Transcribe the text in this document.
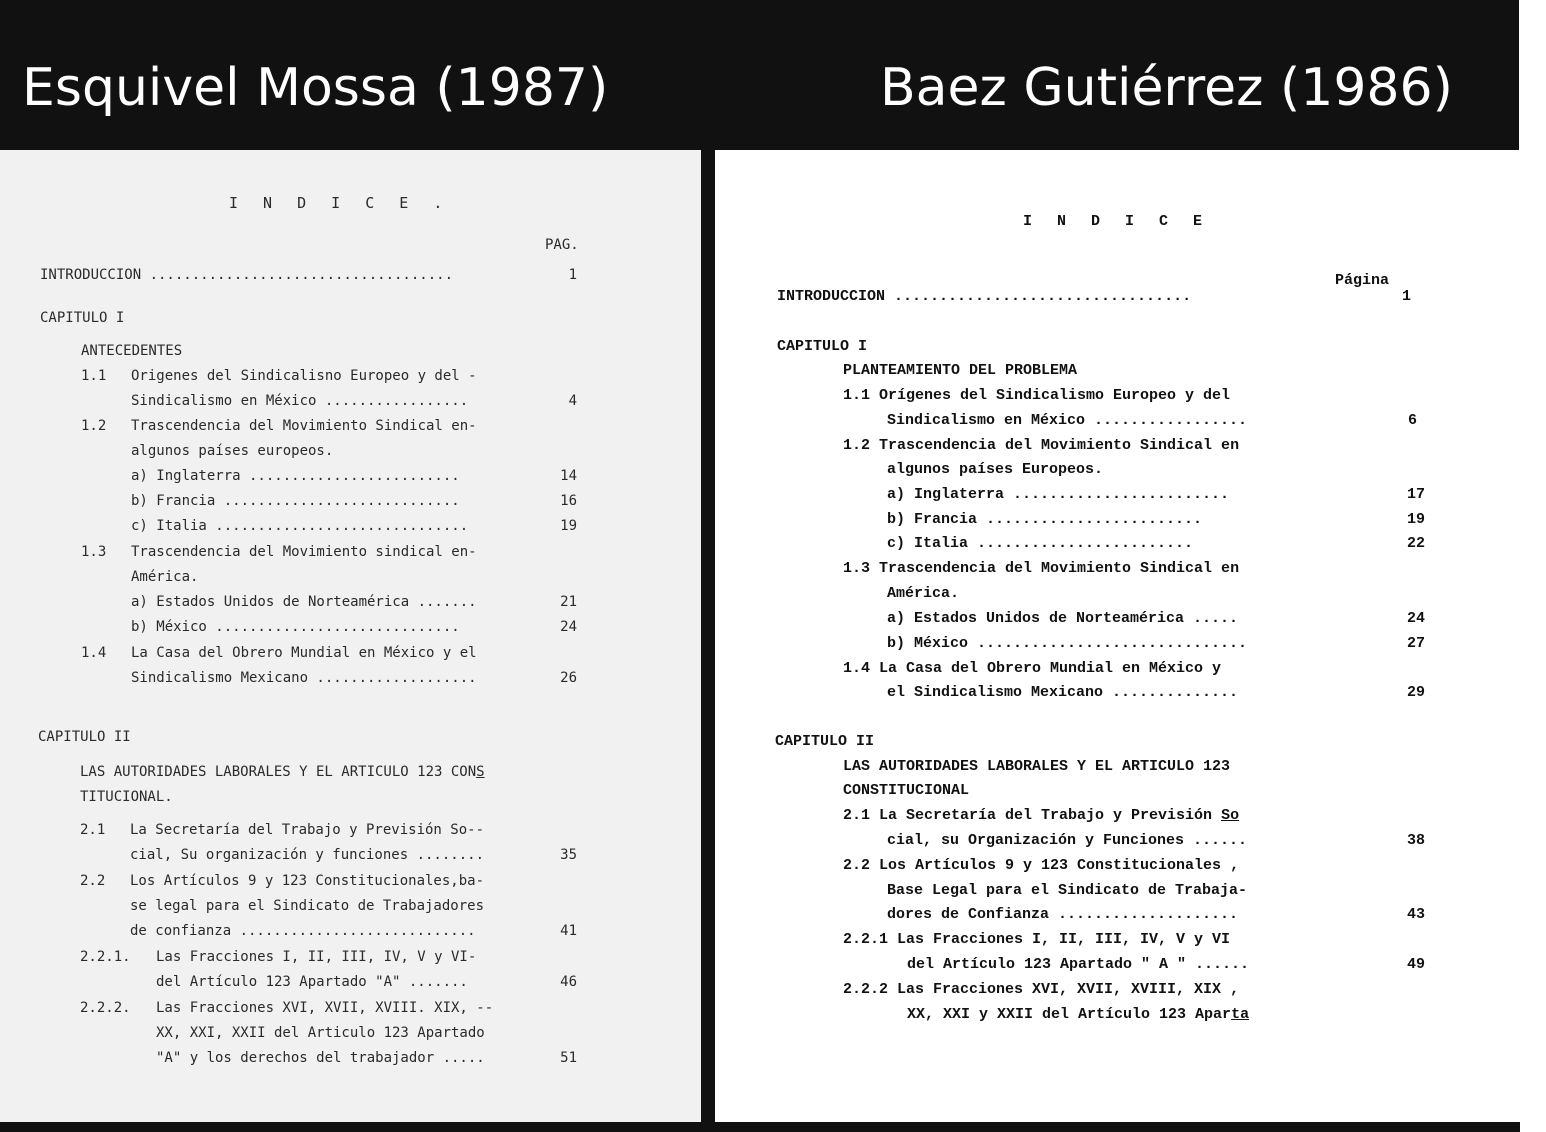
Esquivel Mossa (1987)	Baez Gutiérrez (1986)
I N D I C E .
PAG.
INTRODUCCION ....................................	1
CAPITULO I
ANTECEDENTES
1.1 Origenes del Sindicalisno Europeo y del -
Sindicalismo en México .................	4
1.2 Trascendencia del Movimiento Sindical en-
algunos países europeos.
a) Inglaterra .........................	14
b) Francia ............................	16
c) Italia ..............................	19
1.3 Trascendencia del Movimiento sindical en-
América.
a) Estados Unidos de Norteamérica .......	21
b) México .............................	24
1.4 La Casa del Obrero Mundial en México y el
Sindicalismo Mexicano ...................	26
CAPITULO II
LAS AUTORIDADES LABORALES Y EL ARTICULO 123 CONS
TITUCIONAL.
2.1 La Secretaría del Trabajo y Previsión So--
cial, Su organización y funciones ........	35
2.2 Los Artículos 9 y 123 Constitucionales,ba-
se legal para el Sindicato de Trabajadores
de confianza ............................	41
2.2.1. Las Fracciones I, II, III, IV, V y VI-
del Artículo 123 Apartado "A" .......	46
2.2.2. Las Fracciones XVI, XVII, XVIII. XIX, --
XX, XXI, XXII del Articulo 123 Apartado
"A" y los derechos del trabajador .....	51
I N D I C E
Página
INTRODUCCION .................................	1
CAPITULO I
PLANTEAMIENTO DEL PROBLEMA
1.1 Orígenes del Sindicalismo Europeo y del
Sindicalismo en México .................	6
1.2 Trascendencia del Movimiento Sindical en
algunos países Europeos.
a) Inglaterra ........................	17
b) Francia ........................	19
c) Italia ........................	22
1.3 Trascendencia del Movimiento Sindical en
América.
a) Estados Unidos de Norteamérica .....	24
b) México ..............................	27
1.4 La Casa del Obrero Mundial en México y
el Sindicalismo Mexicano ..............	29
CAPITULO II
LAS AUTORIDADES LABORALES Y EL ARTICULO 123
CONSTITUCIONAL
2.1 La Secretaría del Trabajo y Previsión So
cial, su Organización y Funciones ......	38
2.2 Los Artículos 9 y 123 Constitucionales ,
Base Legal para el Sindicato de Trabaja-
dores de Confianza ....................	43
2.2.1 Las Fracciones I, II, III, IV, V y VI
del Artículo 123 Apartado " A " ......	49
2.2.2 Las Fracciones XVI, XVII, XVIII, XIX ,
XX, XXI y XXII del Artículo 123 Aparta
